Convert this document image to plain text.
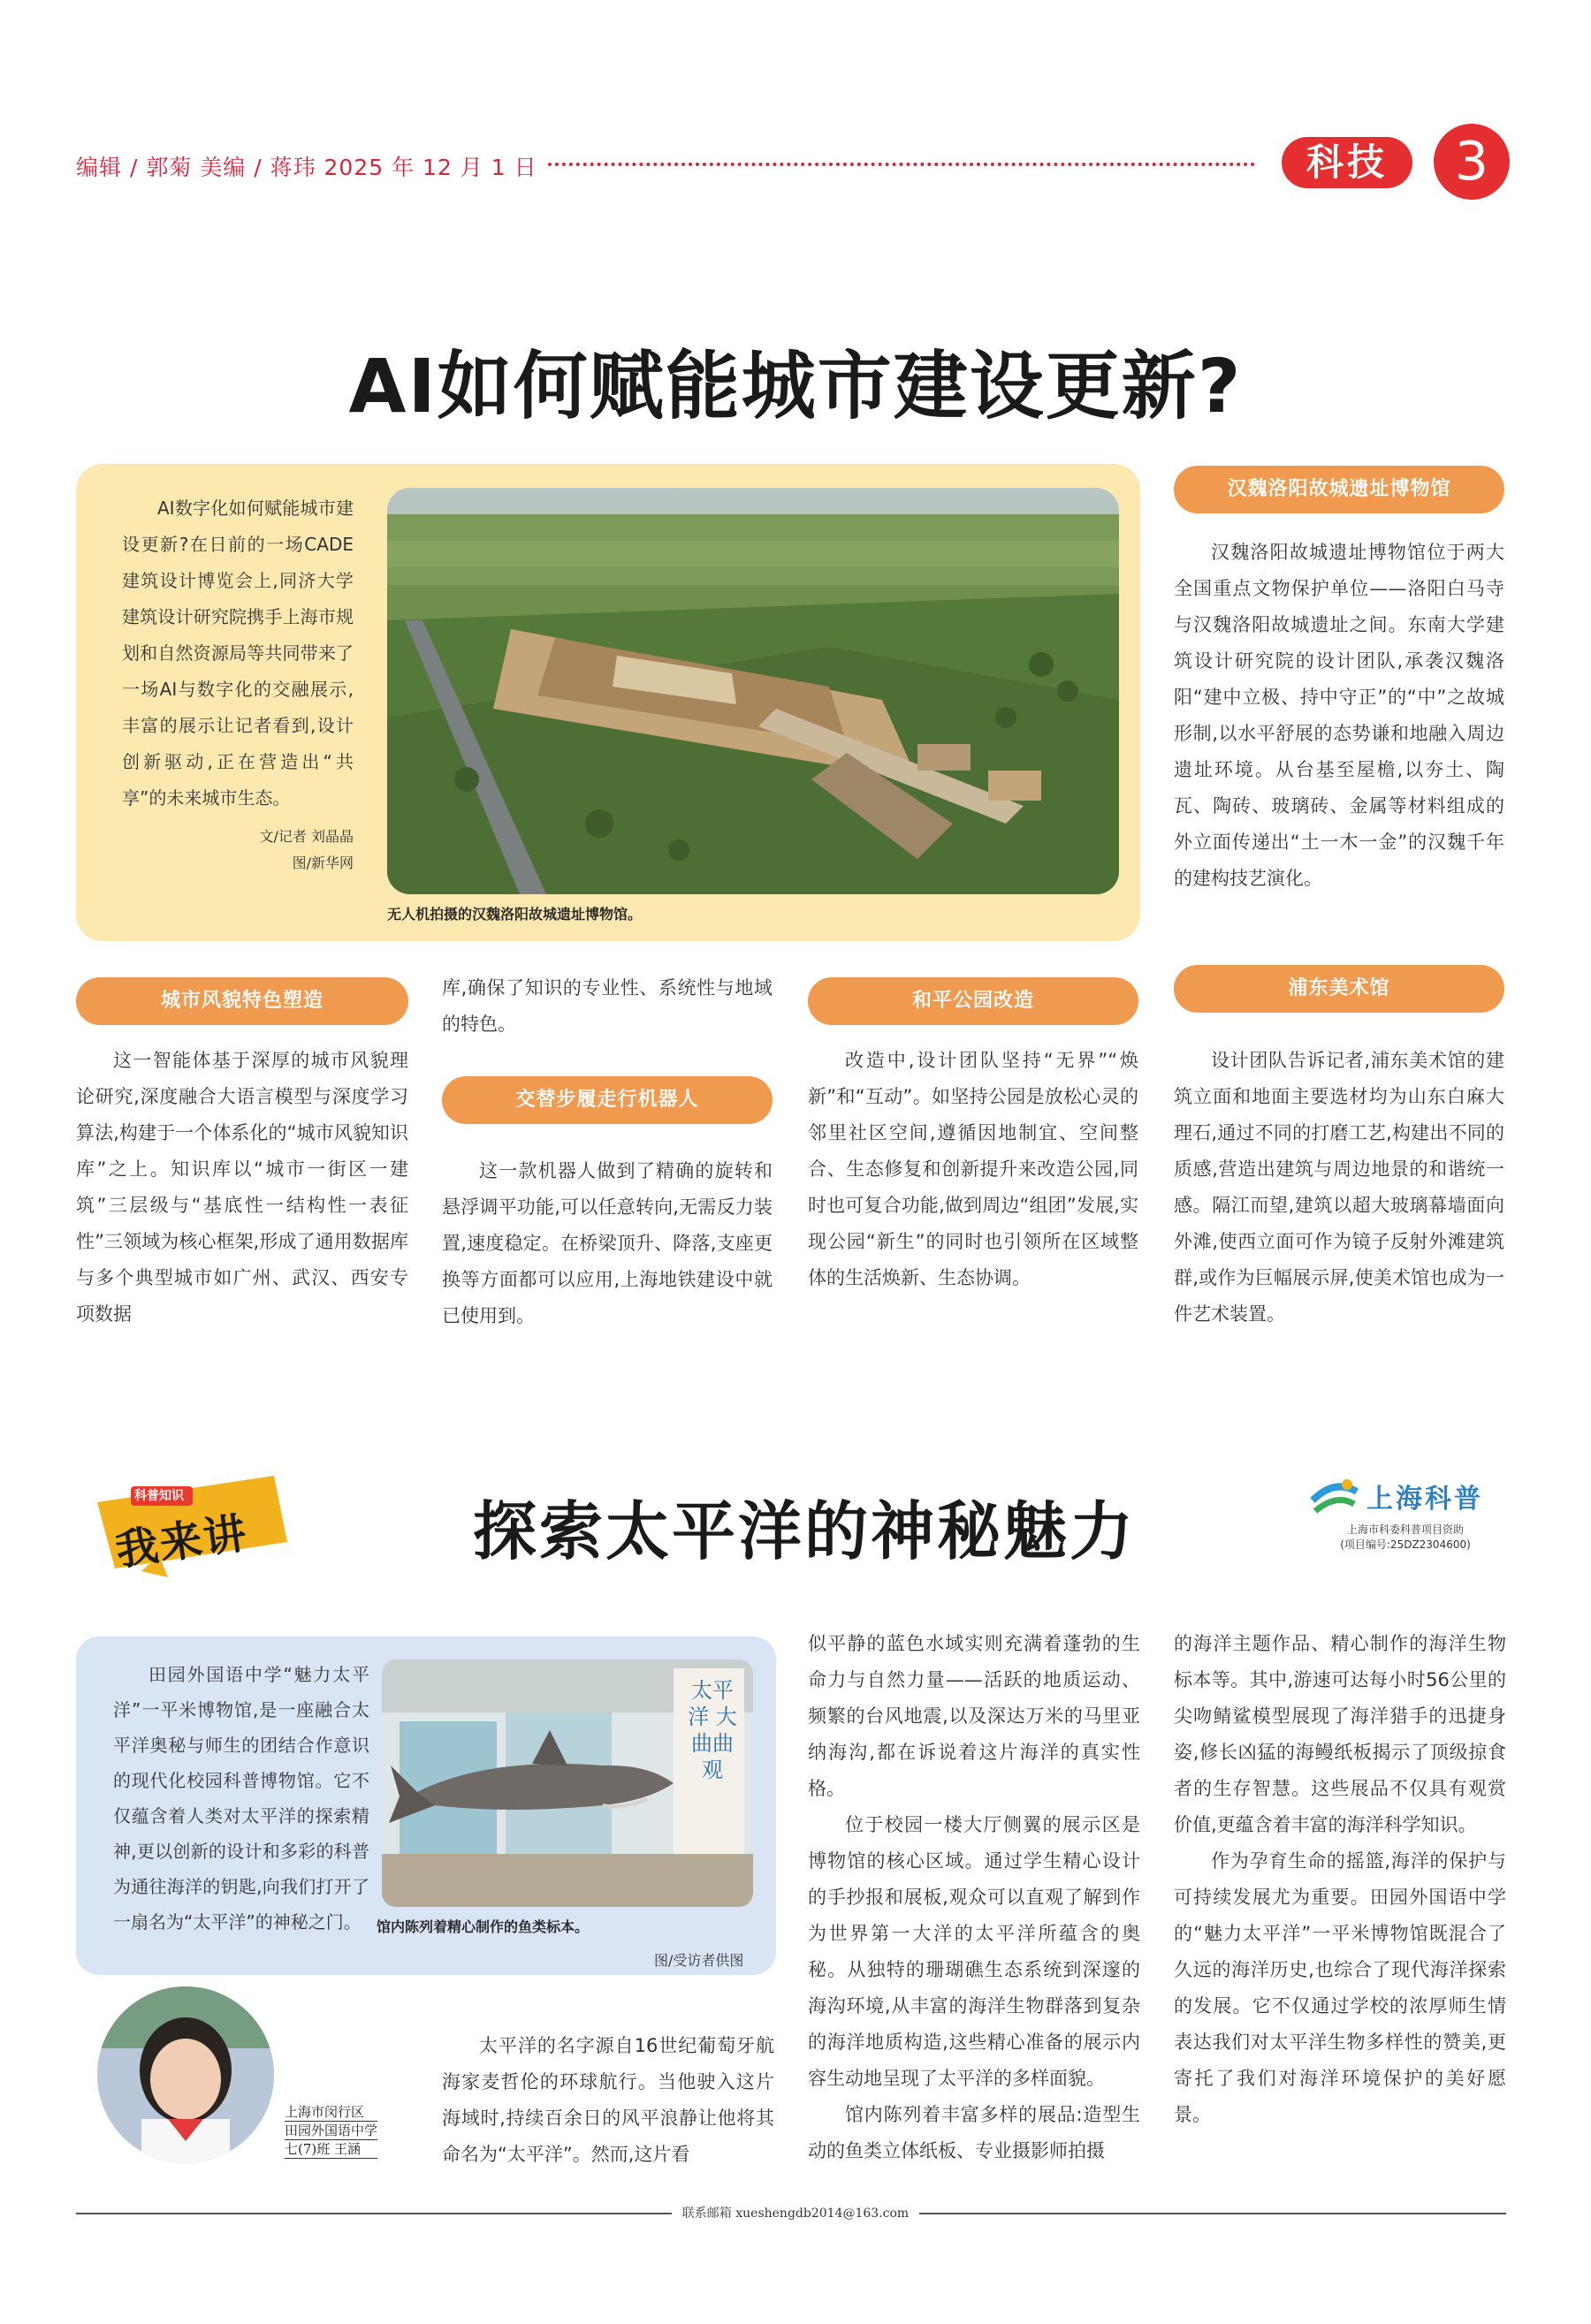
编辑 / 郭菊 美编 / 蒋玮 2025 年 12 月 1 日	科技	3
AI如何赋能城市建设更新?

AI数字化如何赋能城市建设更新?在日前的一场CADE建筑设计博览会上,同济大学建筑设计研究院携手上海市规划和自然资源局等共同带来了一场AI与数字化的交融展示,丰富的展示让记者看到,设计创新驱动,正在营造出“共享”的未来城市生态。

文/记者 刘晶晶

图/新华网

无人机拍摄的汉魏洛阳故城遗址博物馆。
汉魏洛阳故城遗址博物馆

汉魏洛阳故城遗址博物馆位于两大全国重点文物保护单位——洛阳白马寺与汉魏洛阳故城遗址之间。东南大学建筑设计研究院的设计团队,承袭汉魏洛阳“建中立极、持中守正”的“中”之故城形制,以水平舒展的态势谦和地融入周边遗址环境。从台基至屋檐,以夯土、陶瓦、陶砖、玻璃砖、金属等材料组成的外立面传递出“土一木一金”的汉魏千年的建构技艺演化。

城市风貌特色塑造

这一智能体基于深厚的城市风貌理论研究,深度融合大语言模型与深度学习算法,构建于一个体系化的“城市风貌知识库”之上。知识库以“城市一街区一建筑”三层级与“基底性一结构性一表征性”三领域为核心框架,形成了通用数据库与多个典型城市如广州、武汉、西安专项数据

库,确保了知识的专业性、系统性与地域的特色。

交替步履走行机器人

这一款机器人做到了精确的旋转和悬浮调平功能,可以任意转向,无需反力装置,速度稳定。在桥梁顶升、降落,支座更换等方面都可以应用,上海地铁建设中就已使用到。

和平公园改造

改造中,设计团队坚持“无界”“焕新”和“互动”。如坚持公园是放松心灵的邻里社区空间,遵循因地制宜、空间整合、生态修复和创新提升来改造公园,同时也可复合功能,做到周边“组团”发展,实现公园“新生”的同时也引领所在区域整体的生活焕新、生态协调。

浦东美术馆

设计团队告诉记者,浦东美术馆的建筑立面和地面主要选材均为山东白麻大理石,通过不同的打磨工艺,构建出不同的质感,营造出建筑与周边地景的和谐统一感。隔江而望,建筑以超大玻璃幕墙面向外滩,使西立面可作为镜子反射外滩建筑群,或作为巨幅展示屏,使美术馆也成为一件艺术装置。

科普知识
我来讲	探索太平洋的神秘魅力	上海科普
上海市科委科普项目资助
(项目编号:25DZ2304600)

田园外国语中学“魅力太平洋”一平米博物馆,是一座融合太平洋奥秘与师生的团结合作意识的现代化校园科普博物馆。它不仅蕴含着人类对太平洋的探索精神,更以创新的设计和多彩的科普为通往海洋的钥匙,向我们打开了一扇名为“太平洋”的神秘之门。

太平洋 大 曲曲观
馆内陈列着精心制作的鱼类标本。
图/受访者供图
上海市闵行区
田园外国语中学
七(7)班 王涵

太平洋的名字源自16世纪葡萄牙航海家麦哲伦的环球航行。当他驶入这片海域时,持续百余日的风平浪静让他将其命名为“太平洋”。然而,这片看

似平静的蓝色水域实则充满着蓬勃的生命力与自然力量——活跃的地质运动、频繁的台风地震,以及深达万米的马里亚纳海沟,都在诉说着这片海洋的真实性格。

位于校园一楼大厅侧翼的展示区是博物馆的核心区域。通过学生精心设计的手抄报和展板,观众可以直观了解到作为世界第一大洋的太平洋所蕴含的奥秘。从独特的珊瑚礁生态系统到深邃的海沟环境,从丰富的海洋生物群落到复杂的海洋地质构造,这些精心准备的展示内容生动地呈现了太平洋的多样面貌。

馆内陈列着丰富多样的展品:造型生动的鱼类立体纸板、专业摄影师拍摄

的海洋主题作品、精心制作的海洋生物标本等。其中,游速可达每小时56公里的尖吻鲭鲨模型展现了海洋猎手的迅捷身姿,修长凶猛的海鳗纸板揭示了顶级掠食者的生存智慧。这些展品不仅具有观赏价值,更蕴含着丰富的海洋科学知识。

作为孕育生命的摇篮,海洋的保护与可持续发展尤为重要。田园外国语中学的“魅力太平洋”一平米博物馆既混合了久远的海洋历史,也综合了现代海洋探索的发展。它不仅通过学校的浓厚师生情表达我们对太平洋生物多样性的赞美,更寄托了我们对海洋环境保护的美好愿景。

联系邮箱 xueshengdb2014@163.com
